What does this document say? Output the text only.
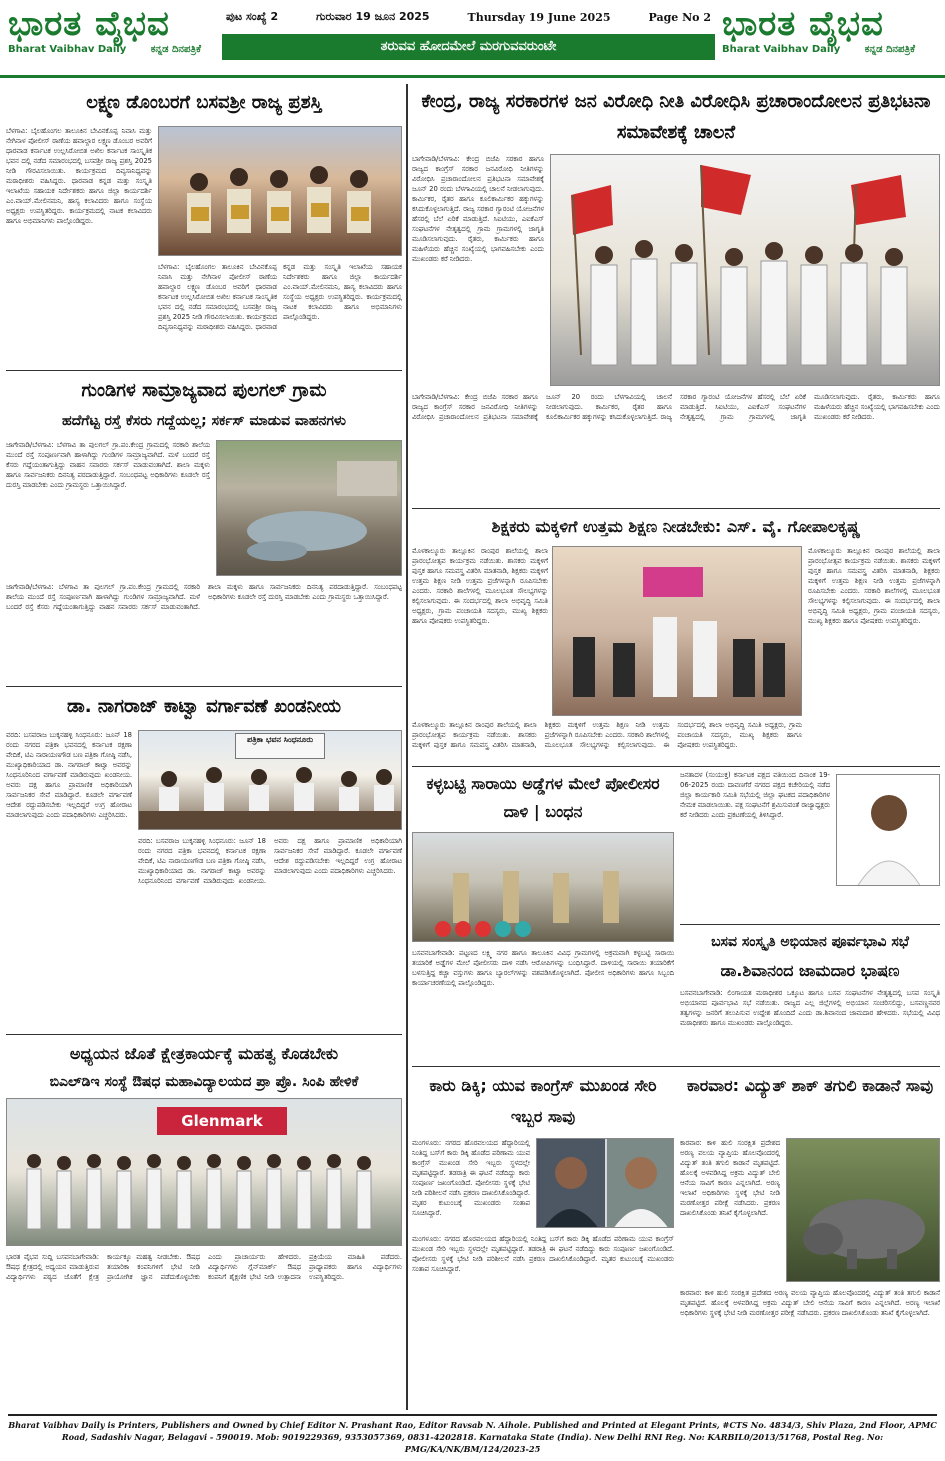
ಭಾರತ ವೈಭವ
Bharat Vaibhav Daily ಕನ್ನಡ ದಿನಪತ್ರಿಕೆ
ಪುಟ ಸಂಖ್ಯೆ 2	ಗುರುವಾರ 19 ಜೂನ 2025	Thursday 19 June 2025	Page No 2
ತರುವವ ಹೋದಮೇಲೆ ಮರಗುವವರುಂಟೇ
ಭಾರತ ವೈಭವ
Bharat Vaibhav Daily ಕನ್ನಡ ದಿನಪತ್ರಿಕೆ
ಲಕ್ಷ್ಮಣ ಡೊಂಬರಗೆ ಬಸವಶ್ರೀ ರಾಜ್ಯ ಪ್ರಶಸ್ತಿ
ಬೆಳಗಾವಿ: ಬೈಲಹೊಂಗಲ ತಾಲೂಕಿನ ಬೇವಿನಕೊಪ್ಪ ನಿವಾಸಿ ಮತ್ತು ನೇಗಿನಾಳ ಪೋಲೀಸ್ ಠಾಣೆಯ ಹವಾಲ್ದಾರ ಲಕ್ಷ್ಮಣ ಡೊಂಬರ ಅವರಿಗೆ ಧಾರವಾಡ ಕರ್ನಾಟಕ ಉಲ್ಲಸಿರೋಬಿತ ಅಖಿಲ ಕರ್ನಾಟಕ ಸಾಂಸ್ಕೃತಿಕ ಭವನ ದಲ್ಲಿ ನಡೆದ ಸಮಾರಂಭದಲ್ಲಿ ಬಸವಶ್ರೀ ರಾಜ್ಯ ಪ್ರಶಸ್ತಿ 2025 ನೀಡಿ ಗೌರವಿಸಲಾಯಿತು. ಕಾರ್ಯಕ್ರಮದ ದಿವ್ಯಸಾನಿಧ್ಯವನ್ನು ಮಠಾಧೀಶರು ವಹಿಸಿದ್ದರು. ಧಾರವಾಡ ಕನ್ನಡ ಮತ್ತು ಸಂಸ್ಕೃತಿ ಇಲಾಖೆಯ ಸಹಾಯಕ ನಿರ್ದೇಶಕರು ಹಾಗೂ ಜಿಲ್ಲಾ ಕಾರ್ಯದರ್ಶಿ ಎಂ.ವಾಯ್.ಮೇಲಿನಮನಿ, ಹಾಸ್ಯ ಕಲಾವಿದರು ಹಾಗೂ ಸಂಸ್ಥೆಯ ಅಧ್ಯಕ್ಷರು ಉಪಸ್ಥಿತರಿದ್ದರು. ಕಾರ್ಯಕ್ರಮದಲ್ಲಿ ನಾಟಕ ಕಲಾವಿದರು ಹಾಗೂ ಅಭಿಮಾನಿಗಳು ಪಾಲ್ಗೊಂಡಿದ್ದರು.
ಬೆಳಗಾವಿ: ಬೈಲಹೊಂಗಲ ತಾಲೂಕಿನ ಬೇವಿನಕೊಪ್ಪ ನಿವಾಸಿ ಮತ್ತು ನೇಗಿನಾಳ ಪೋಲೀಸ್ ಠಾಣೆಯ ಹವಾಲ್ದಾರ ಲಕ್ಷ್ಮಣ ಡೊಂಬರ ಅವರಿಗೆ ಧಾರವಾಡ ಕರ್ನಾಟಕ ಉಲ್ಲಸಿರೋಬಿತ ಅಖಿಲ ಕರ್ನಾಟಕ ಸಾಂಸ್ಕೃತಿಕ ಭವನ ದಲ್ಲಿ ನಡೆದ ಸಮಾರಂಭದಲ್ಲಿ ಬಸವಶ್ರೀ ರಾಜ್ಯ ಪ್ರಶಸ್ತಿ 2025 ನೀಡಿ ಗೌರವಿಸಲಾಯಿತು. ಕಾರ್ಯಕ್ರಮದ ದಿವ್ಯಸಾನಿಧ್ಯವನ್ನು ಮಠಾಧೀಶರು ವಹಿಸಿದ್ದರು. ಧಾರವಾಡ ಕನ್ನಡ ಮತ್ತು ಸಂಸ್ಕೃತಿ ಇಲಾಖೆಯ ಸಹಾಯಕ ನಿರ್ದೇಶಕರು ಹಾಗೂ ಜಿಲ್ಲಾ ಕಾರ್ಯದರ್ಶಿ ಎಂ.ವಾಯ್.ಮೇಲಿನಮನಿ, ಹಾಸ್ಯ ಕಲಾವಿದರು ಹಾಗೂ ಸಂಸ್ಥೆಯ ಅಧ್ಯಕ್ಷರು ಉಪಸ್ಥಿತರಿದ್ದರು. ಕಾರ್ಯಕ್ರಮದಲ್ಲಿ ನಾಟಕ ಕಲಾವಿದರು ಹಾಗೂ ಅಭಿಮಾನಿಗಳು ಪಾಲ್ಗೊಂಡಿದ್ದರು.
ಕೇಂದ್ರ, ರಾಜ್ಯ ಸರಕಾರಗಳ ಜನ ವಿರೋಧಿ ನೀತಿ ವಿರೋಧಿಸಿ ಪ್ರಚಾರಾಂದೋಲನ ಪ್ರತಿಭಟನಾ ಸಮಾವೇಶಕ್ಕೆ ಚಾಲನೆ
ಬಾಗೇವಾಡಿ/ಬೆಳಗಾವಿ: ಕೇಂದ್ರ ಬಿಜೆಪಿ ಸರಕಾರ ಹಾಗೂ ರಾಜ್ಯದ ಕಾಂಗ್ರೆಸ್ ಸರಕಾರ ಜನವಿರೋಧಿ ನೀತಿಗಳನ್ನು ವಿರೋಧಿಸಿ ಪ್ರಚಾರಾಂದೋಲನ ಪ್ರತಿಭಟನಾ ಸಮಾವೇಶಕ್ಕೆ ಜೂನ್ 20 ರಂದು ಬೆಳಗಾವಿಯಲ್ಲಿ ಚಾಲನೆ ನೀಡಲಾಗುವುದು. ಕಾರ್ಮಿಕರ, ರೈತರ ಹಾಗೂ ಕೂಲಿಕಾರ್ಮಿಕರ ಹಕ್ಕುಗಳನ್ನು ಕಸಿದುಕೊಳ್ಳಲಾಗುತ್ತಿದೆ. ರಾಜ್ಯ ಸರಕಾರ ಗ್ಯಾರಂಟಿ ಯೋಜನೆಗಳ ಹೆಸರಲ್ಲಿ ಬೆಲೆ ಏರಿಕೆ ಮಾಡುತ್ತಿದೆ. ಸಿಐಟಿಯು, ಎಐಕೆಎಸ್ ಸಂಘಟನೆಗಳ ನೇತೃತ್ವದಲ್ಲಿ ಗ್ರಾಮ ಗ್ರಾಮಗಳಲ್ಲಿ ಜಾಗೃತಿ ಮೂಡಿಸಲಾಗುವುದು. ರೈತರು, ಕಾರ್ಮಿಕರು ಹಾಗೂ ಮಹಿಳೆಯರು ಹೆಚ್ಚಿನ ಸಂಖ್ಯೆಯಲ್ಲಿ ಭಾಗವಹಿಸಬೇಕು ಎಂದು ಮುಖಂಡರು ಕರೆ ನೀಡಿದರು.
ಬಾಗೇವಾಡಿ/ಬೆಳಗಾವಿ: ಕೇಂದ್ರ ಬಿಜೆಪಿ ಸರಕಾರ ಹಾಗೂ ರಾಜ್ಯದ ಕಾಂಗ್ರೆಸ್ ಸರಕಾರ ಜನವಿರೋಧಿ ನೀತಿಗಳನ್ನು ವಿರೋಧಿಸಿ ಪ್ರಚಾರಾಂದೋಲನ ಪ್ರತಿಭಟನಾ ಸಮಾವೇಶಕ್ಕೆ ಜೂನ್ 20 ರಂದು ಬೆಳಗಾವಿಯಲ್ಲಿ ಚಾಲನೆ ನೀಡಲಾಗುವುದು. ಕಾರ್ಮಿಕರ, ರೈತರ ಹಾಗೂ ಕೂಲಿಕಾರ್ಮಿಕರ ಹಕ್ಕುಗಳನ್ನು ಕಸಿದುಕೊಳ್ಳಲಾಗುತ್ತಿದೆ. ರಾಜ್ಯ ಸರಕಾರ ಗ್ಯಾರಂಟಿ ಯೋಜನೆಗಳ ಹೆಸರಲ್ಲಿ ಬೆಲೆ ಏರಿಕೆ ಮಾಡುತ್ತಿದೆ. ಸಿಐಟಿಯು, ಎಐಕೆಎಸ್ ಸಂಘಟನೆಗಳ ನೇತೃತ್ವದಲ್ಲಿ ಗ್ರಾಮ ಗ್ರಾಮಗಳಲ್ಲಿ ಜಾಗೃತಿ ಮೂಡಿಸಲಾಗುವುದು. ರೈತರು, ಕಾರ್ಮಿಕರು ಹಾಗೂ ಮಹಿಳೆಯರು ಹೆಚ್ಚಿನ ಸಂಖ್ಯೆಯಲ್ಲಿ ಭಾಗವಹಿಸಬೇಕು ಎಂದು ಮುಖಂಡರು ಕರೆ ನೀಡಿದರು.
ಗುಂಡಿಗಳ ಸಾಮ್ರಾಜ್ಯವಾದ ಪುಲಗಲ್ ಗ್ರಾಮ
ಹದೆಗೆಟ್ಟ ರಸ್ತೆ ಕೆಸರು ಗದ್ದೆಯಲ್ಲ; ಸರ್ಕಸ್ ಮಾಡುವ ವಾಹನಗಳು
ಜಾಗೇವಾಡಿ/ಬೆಳಗಾವಿ: ಬೆಳಗಾವಿ ತಾ ಪುಲಗಲ್ ಗ್ರಾ.ಪಂ.ಕೇಂದ್ರ ಗ್ರಾಮದಲ್ಲಿ ಸರಕಾರಿ ಶಾಲೆಯ ಮುಂದೆ ರಸ್ತೆ ಸಂಪೂರ್ಣವಾಗಿ ಹಾಳಾಗಿದ್ದು ಗುಂಡಿಗಳ ಸಾಮ್ರಾಜ್ಯವಾಗಿದೆ. ಮಳೆ ಬಂದರೆ ರಸ್ತೆ ಕೆಸರು ಗದ್ದೆಯಂತಾಗುತ್ತಿದ್ದು ವಾಹನ ಸವಾರರು ಸರ್ಕಸ್ ಮಾಡುವಂತಾಗಿದೆ. ಶಾಲಾ ಮಕ್ಕಳು ಹಾಗೂ ಸಾರ್ವಜನಿಕರು ದಿನನಿತ್ಯ ಪರದಾಡುತ್ತಿದ್ದಾರೆ. ಸಂಬಂಧಪಟ್ಟ ಅಧಿಕಾರಿಗಳು ಕೂಡಲೇ ರಸ್ತೆ ದುರಸ್ತಿ ಮಾಡಬೇಕು ಎಂದು ಗ್ರಾಮಸ್ಥರು ಒತ್ತಾಯಿಸಿದ್ದಾರೆ.
ಜಾಗೇವಾಡಿ/ಬೆಳಗಾವಿ: ಬೆಳಗಾವಿ ತಾ ಪುಲಗಲ್ ಗ್ರಾ.ಪಂ.ಕೇಂದ್ರ ಗ್ರಾಮದಲ್ಲಿ ಸರಕಾರಿ ಶಾಲೆಯ ಮುಂದೆ ರಸ್ತೆ ಸಂಪೂರ್ಣವಾಗಿ ಹಾಳಾಗಿದ್ದು ಗುಂಡಿಗಳ ಸಾಮ್ರಾಜ್ಯವಾಗಿದೆ. ಮಳೆ ಬಂದರೆ ರಸ್ತೆ ಕೆಸರು ಗದ್ದೆಯಂತಾಗುತ್ತಿದ್ದು ವಾಹನ ಸವಾರರು ಸರ್ಕಸ್ ಮಾಡುವಂತಾಗಿದೆ. ಶಾಲಾ ಮಕ್ಕಳು ಹಾಗೂ ಸಾರ್ವಜನಿಕರು ದಿನನಿತ್ಯ ಪರದಾಡುತ್ತಿದ್ದಾರೆ. ಸಂಬಂಧಪಟ್ಟ ಅಧಿಕಾರಿಗಳು ಕೂಡಲೇ ರಸ್ತೆ ದುರಸ್ತಿ ಮಾಡಬೇಕು ಎಂದು ಗ್ರಾಮಸ್ಥರು ಒತ್ತಾಯಿಸಿದ್ದಾರೆ.
ಶಿಕ್ಷಕರು ಮಕ್ಕಳಿಗೆ ಉತ್ತಮ ಶಿಕ್ಷಣ ನೀಡಬೇಕು: ಎಸ್. ವೈ. ಗೋಪಾಲಕೃಷ್ಣ
ಮೊಳಕಾಲ್ಮೂರು ತಾಲ್ಲೂಕಿನ ರಾಂಪುರ ಶಾಲೆಯಲ್ಲಿ ಶಾಲಾ ಪ್ರಾರಂಭೋತ್ಸವ ಕಾರ್ಯಕ್ರಮ ನಡೆಯಿತು. ಶಾಸಕರು ಮಕ್ಕಳಿಗೆ ಪುಸ್ತಕ ಹಾಗೂ ಸಮವಸ್ತ್ರ ವಿತರಿಸಿ ಮಾತನಾಡಿ, ಶಿಕ್ಷಕರು ಮಕ್ಕಳಿಗೆ ಉತ್ತಮ ಶಿಕ್ಷಣ ನೀಡಿ ಉತ್ತಮ ಪ್ರಜೆಗಳನ್ನಾಗಿ ರೂಪಿಸಬೇಕು ಎಂದರು. ಸರಕಾರಿ ಶಾಲೆಗಳಲ್ಲಿ ಮೂಲಭೂತ ಸೌಲಭ್ಯಗಳನ್ನು ಕಲ್ಪಿಸಲಾಗುವುದು. ಈ ಸಂದರ್ಭದಲ್ಲಿ ಶಾಲಾ ಅಭಿವೃದ್ಧಿ ಸಮಿತಿ ಅಧ್ಯಕ್ಷರು, ಗ್ರಾಮ ಪಂಚಾಯತಿ ಸದಸ್ಯರು, ಮುಖ್ಯ ಶಿಕ್ಷಕರು ಹಾಗೂ ಪೋಷಕರು ಉಪಸ್ಥಿತರಿದ್ದರು.
ಮೊಳಕಾಲ್ಮೂರು ತಾಲ್ಲೂಕಿನ ರಾಂಪುರ ಶಾಲೆಯಲ್ಲಿ ಶಾಲಾ ಪ್ರಾರಂಭೋತ್ಸವ ಕಾರ್ಯಕ್ರಮ ನಡೆಯಿತು. ಶಾಸಕರು ಮಕ್ಕಳಿಗೆ ಪುಸ್ತಕ ಹಾಗೂ ಸಮವಸ್ತ್ರ ವಿತರಿಸಿ ಮಾತನಾಡಿ, ಶಿಕ್ಷಕರು ಮಕ್ಕಳಿಗೆ ಉತ್ತಮ ಶಿಕ್ಷಣ ನೀಡಿ ಉತ್ತಮ ಪ್ರಜೆಗಳನ್ನಾಗಿ ರೂಪಿಸಬೇಕು ಎಂದರು. ಸರಕಾರಿ ಶಾಲೆಗಳಲ್ಲಿ ಮೂಲಭೂತ ಸೌಲಭ್ಯಗಳನ್ನು ಕಲ್ಪಿಸಲಾಗುವುದು. ಈ ಸಂದರ್ಭದಲ್ಲಿ ಶಾಲಾ ಅಭಿವೃದ್ಧಿ ಸಮಿತಿ ಅಧ್ಯಕ್ಷರು, ಗ್ರಾಮ ಪಂಚಾಯತಿ ಸದಸ್ಯರು, ಮುಖ್ಯ ಶಿಕ್ಷಕರು ಹಾಗೂ ಪೋಷಕರು ಉಪಸ್ಥಿತರಿದ್ದರು.
ಮೊಳಕಾಲ್ಮೂರು ತಾಲ್ಲೂಕಿನ ರಾಂಪುರ ಶಾಲೆಯಲ್ಲಿ ಶಾಲಾ ಪ್ರಾರಂಭೋತ್ಸವ ಕಾರ್ಯಕ್ರಮ ನಡೆಯಿತು. ಶಾಸಕರು ಮಕ್ಕಳಿಗೆ ಪುಸ್ತಕ ಹಾಗೂ ಸಮವಸ್ತ್ರ ವಿತರಿಸಿ ಮಾತನಾಡಿ, ಶಿಕ್ಷಕರು ಮಕ್ಕಳಿಗೆ ಉತ್ತಮ ಶಿಕ್ಷಣ ನೀಡಿ ಉತ್ತಮ ಪ್ರಜೆಗಳನ್ನಾಗಿ ರೂಪಿಸಬೇಕು ಎಂದರು. ಸರಕಾರಿ ಶಾಲೆಗಳಲ್ಲಿ ಮೂಲಭೂತ ಸೌಲಭ್ಯಗಳನ್ನು ಕಲ್ಪಿಸಲಾಗುವುದು. ಈ ಸಂದರ್ಭದಲ್ಲಿ ಶಾಲಾ ಅಭಿವೃದ್ಧಿ ಸಮಿತಿ ಅಧ್ಯಕ್ಷರು, ಗ್ರಾಮ ಪಂಚಾಯತಿ ಸದಸ್ಯರು, ಮುಖ್ಯ ಶಿಕ್ಷಕರು ಹಾಗೂ ಪೋಷಕರು ಉಪಸ್ಥಿತರಿದ್ದರು.
ಡಾ. ನಾಗರಾಜ್ ಕಾಟ್ವಾ ವರ್ಗಾವಣೆ ಖಂಡನೀಯ
ವರದಿ: ಬಸವರಾಜ ಬುಕ್ಕನಹಳ್ಳಿ ಸಿಂಧನೂರು: ಜೂನ್ 18 ರಂದು ನಗರದ ಪತ್ರಿಕಾ ಭವನದಲ್ಲಿ ಕರ್ನಾಟಕ ರಕ್ಷಣಾ ವೇದಿಕೆ, ಟಿಎ ನಾರಾಯಣಗೌಡ ಬಣ ಪತ್ರಿಕಾ ಗೋಷ್ಠಿ ನಡೆಸಿ, ಮುಖ್ಯಾಧಿಕಾರಿಯಾದ ಡಾ. ನಾಗರಾಜ್ ಕಾಟ್ವಾ ಅವರನ್ನು ಸಿಂಧನೂರಿನಿಂದ ವರ್ಗಾವಣೆ ಮಾಡಿರುವುದು ಖಂಡನೀಯ. ಅವರು ದಕ್ಷ ಹಾಗೂ ಪ್ರಾಮಾಣಿಕ ಅಧಿಕಾರಿಯಾಗಿ ಸಾರ್ವಜನಿಕರ ಸೇವೆ ಮಾಡಿದ್ದಾರೆ. ಕೂಡಲೇ ವರ್ಗಾವಣೆ ಆದೇಶ ರದ್ದುಪಡಿಸಬೇಕು ಇಲ್ಲದಿದ್ದರೆ ಉಗ್ರ ಹೋರಾಟ ಮಾಡಲಾಗುವುದು ಎಂದು ಪದಾಧಿಕಾರಿಗಳು ಎಚ್ಚರಿಸಿದರು.
ಪತ್ರಿಕಾ ಭವನ ಸಿಂಧನೂರು
ವರದಿ: ಬಸವರಾಜ ಬುಕ್ಕನಹಳ್ಳಿ ಸಿಂಧನೂರು: ಜೂನ್ 18 ರಂದು ನಗರದ ಪತ್ರಿಕಾ ಭವನದಲ್ಲಿ ಕರ್ನಾಟಕ ರಕ್ಷಣಾ ವೇದಿಕೆ, ಟಿಎ ನಾರಾಯಣಗೌಡ ಬಣ ಪತ್ರಿಕಾ ಗೋಷ್ಠಿ ನಡೆಸಿ, ಮುಖ್ಯಾಧಿಕಾರಿಯಾದ ಡಾ. ನಾಗರಾಜ್ ಕಾಟ್ವಾ ಅವರನ್ನು ಸಿಂಧನೂರಿನಿಂದ ವರ್ಗಾವಣೆ ಮಾಡಿರುವುದು ಖಂಡನೀಯ. ಅವರು ದಕ್ಷ ಹಾಗೂ ಪ್ರಾಮಾಣಿಕ ಅಧಿಕಾರಿಯಾಗಿ ಸಾರ್ವಜನಿಕರ ಸೇವೆ ಮಾಡಿದ್ದಾರೆ. ಕೂಡಲೇ ವರ್ಗಾವಣೆ ಆದೇಶ ರದ್ದುಪಡಿಸಬೇಕು ಇಲ್ಲದಿದ್ದರೆ ಉಗ್ರ ಹೋರಾಟ ಮಾಡಲಾಗುವುದು ಎಂದು ಪದಾಧಿಕಾರಿಗಳು ಎಚ್ಚರಿಸಿದರು.
ಕಳ್ಳಬಟ್ಟಿ ಸಾರಾಯಿ ಅಡ್ಡೆಗಳ ಮೇಲೆ ಪೋಲೀಸರ ದಾಳಿ | ಬಂಧನ
ಬಸವನಬಾಗೇವಾಡಿ: ಪಟ್ಟಣದ ಲಕ್ಷ್ಮಿ ನಗರ ಹಾಗೂ ತಾಲೂಕಿನ ವಿವಿಧ ಗ್ರಾಮಗಳಲ್ಲಿ ಅಕ್ರಮವಾಗಿ ಕಳ್ಳಬಟ್ಟಿ ಸಾರಾಯಿ ತಯಾರಿಕೆ ಅಡ್ಡೆಗಳ ಮೇಲೆ ಪೋಲೀಸರು ದಾಳಿ ನಡೆಸಿ ಆರೋಪಿಗಳನ್ನು ಬಂಧಿಸಿದ್ದಾರೆ. ದಾಳಿಯಲ್ಲಿ ಸಾರಾಯಿ ತಯಾರಿಕೆಗೆ ಬಳಸುತ್ತಿದ್ದ ಕಚ್ಚಾ ವಸ್ತುಗಳು ಹಾಗೂ ಬ್ಯಾರಲ್‌ಗಳನ್ನು ವಶಪಡಿಸಿಕೊಳ್ಳಲಾಗಿದೆ. ಪೋಲೀಸ ಅಧಿಕಾರಿಗಳು ಹಾಗೂ ಸಿಬ್ಬಂದಿ ಕಾರ್ಯಾಚರಣೆಯಲ್ಲಿ ಪಾಲ್ಗೊಂಡಿದ್ದರು.
ಜನತಾದಳ (ಸಂಯುಕ್ತ) ಕರ್ನಾಟಕ ಪಕ್ಷದ ವತಿಯಿಂದ ದಿನಾಂಕ 19-06-2025 ರಂದು ದಾವಣಗೆರೆ ನಗರದ ಪಕ್ಷದ ಕಚೇರಿಯಲ್ಲಿ ನಡೆದ ಜಿಲ್ಲಾ ಕಾರ್ಯಕಾರಿ ಸಮಿತಿ ಸಭೆಯಲ್ಲಿ ಜಿಲ್ಲಾ ಘಟಕದ ಪದಾಧಿಕಾರಿಗಳ ನೇಮಕ ಮಾಡಲಾಯಿತು. ಪಕ್ಷ ಸಂಘಟನೆಗೆ ಶ್ರಮಿಸುವಂತೆ ರಾಜ್ಯಾಧ್ಯಕ್ಷರು ಕರೆ ನೀಡಿದರು ಎಂದು ಪ್ರಕಟಣೆಯಲ್ಲಿ ತಿಳಿಸಿದ್ದಾರೆ.
ಬಸವ ಸಂಸ್ಕೃತಿ ಅಭಿಯಾನ ಪೂರ್ವಭಾವಿ ಸಭೆ
ಡಾ.ಶಿವಾನಂದ ಜಾಮದಾರ ಭಾಷಣ
ಬಸವನಬಾಗೇವಾಡಿ: ಲಿಂಗಾಯತ ಮಠಾಧೀಶರ ಒಕ್ಕೂಟ ಹಾಗೂ ಬಸವ ಸಂಘಟನೆಗಳ ನೇತೃತ್ವದಲ್ಲಿ ಬಸವ ಸಂಸ್ಕೃತಿ ಅಭಿಯಾನದ ಪೂರ್ವಭಾವಿ ಸಭೆ ನಡೆಯಿತು. ರಾಜ್ಯದ ಎಲ್ಲ ಜಿಲ್ಲೆಗಳಲ್ಲಿ ಅಭಿಯಾನ ಸಂಚರಿಸಲಿದ್ದು, ಬಸವಣ್ಣನವರ ತತ್ವಗಳನ್ನು ಜನರಿಗೆ ತಲುಪಿಸುವ ಉದ್ದೇಶ ಹೊಂದಿದೆ ಎಂದು ಡಾ.ಶಿವಾನಂದ ಜಾಮದಾರ ಹೇಳಿದರು. ಸಭೆಯಲ್ಲಿ ವಿವಿಧ ಮಠಾಧೀಶರು ಹಾಗೂ ಮುಖಂಡರು ಪಾಲ್ಗೊಂಡಿದ್ದರು.
ಅಧ್ಯಯನ ಜೊತೆ ಕ್ಷೇತ್ರಕಾರ್ಯಕ್ಕೆ ಮಹತ್ವ ಕೊಡಬೇಕು
ಬಿಎಲ್‌ಡಿಇ ಸಂಸ್ಥೆ ಔಷಧ ಮಹಾವಿದ್ಯಾಲಯದ ಪ್ರಾ ಪ್ರೊ. ಸಿಂಪಿ ಹೇಳಿಕೆ
Glenmark
ಭಾರತ ವೈಭವ ಸುದ್ದಿ ಬಸವನಬಾಗೇವಾಡಿ: ಔಷಧ ಕ್ಷೇತ್ರದಲ್ಲಿ ಅಧ್ಯಯನ ಮಾಡುತ್ತಿರುವ ವಿದ್ಯಾರ್ಥಿಗಳು ಪಠ್ಯದ ಜೊತೆಗೆ ಕ್ಷೇತ್ರ ಕಾರ್ಯಕ್ಕೂ ಮಹತ್ವ ನೀಡಬೇಕು. ಔಷಧ ತಯಾರಿಕಾ ಕಂಪನಿಗಳಿಗೆ ಭೇಟಿ ನೀಡಿ ಪ್ರಾಯೋಗಿಕ ಜ್ಞಾನ ಪಡೆದುಕೊಳ್ಳಬೇಕು ಎಂದು ಪ್ರಾಚಾರ್ಯರು ಹೇಳಿದರು. ವಿದ್ಯಾರ್ಥಿಗಳು ಗ್ಲೆನ್‌ಮಾರ್ಕ್ ಔಷಧ ಕಂಪನಿಗೆ ಶೈಕ್ಷಣಿಕ ಭೇಟಿ ನೀಡಿ ಉತ್ಪಾದನಾ ಪ್ರಕ್ರಿಯೆಯ ಮಾಹಿತಿ ಪಡೆದರು. ಪ್ರಾಧ್ಯಾಪಕರು ಹಾಗೂ ವಿದ್ಯಾರ್ಥಿಗಳು ಉಪಸ್ಥಿತರಿದ್ದರು.
ಕಾರು ಡಿಕ್ಕಿ; ಯುವ ಕಾಂಗ್ರೆಸ್ ಮುಖಂಡ ಸೇರಿ ಇಬ್ಬರ ಸಾವು
ಮಂಗಳೂರು: ನಗರದ ಹೊರವಲಯದ ಹೆದ್ದಾರಿಯಲ್ಲಿ ನಿಂತಿದ್ದ ಬಸ್‌ಗೆ ಕಾರು ಡಿಕ್ಕಿ ಹೊಡೆದ ಪರಿಣಾಮ ಯುವ ಕಾಂಗ್ರೆಸ್ ಮುಖಂಡ ಸೇರಿ ಇಬ್ಬರು ಸ್ಥಳದಲ್ಲೇ ಮೃತಪಟ್ಟಿದ್ದಾರೆ. ತಡರಾತ್ರಿ ಈ ಘಟನೆ ನಡೆದಿದ್ದು ಕಾರು ಸಂಪೂರ್ಣ ಜಖಂಗೊಂಡಿದೆ. ಪೋಲೀಸರು ಸ್ಥಳಕ್ಕೆ ಭೇಟಿ ನೀಡಿ ಪರಿಶೀಲನೆ ನಡೆಸಿ ಪ್ರಕರಣ ದಾಖಲಿಸಿಕೊಂಡಿದ್ದಾರೆ. ಮೃತರ ಕುಟುಂಬಕ್ಕೆ ಮುಖಂಡರು ಸಂತಾಪ ಸೂಚಿಸಿದ್ದಾರೆ.
ಮಂಗಳೂರು: ನಗರದ ಹೊರವಲಯದ ಹೆದ್ದಾರಿಯಲ್ಲಿ ನಿಂತಿದ್ದ ಬಸ್‌ಗೆ ಕಾರು ಡಿಕ್ಕಿ ಹೊಡೆದ ಪರಿಣಾಮ ಯುವ ಕಾಂಗ್ರೆಸ್ ಮುಖಂಡ ಸೇರಿ ಇಬ್ಬರು ಸ್ಥಳದಲ್ಲೇ ಮೃತಪಟ್ಟಿದ್ದಾರೆ. ತಡರಾತ್ರಿ ಈ ಘಟನೆ ನಡೆದಿದ್ದು ಕಾರು ಸಂಪೂರ್ಣ ಜಖಂಗೊಂಡಿದೆ. ಪೋಲೀಸರು ಸ್ಥಳಕ್ಕೆ ಭೇಟಿ ನೀಡಿ ಪರಿಶೀಲನೆ ನಡೆಸಿ ಪ್ರಕರಣ ದಾಖಲಿಸಿಕೊಂಡಿದ್ದಾರೆ. ಮೃತರ ಕುಟುಂಬಕ್ಕೆ ಮುಖಂಡರು ಸಂತಾಪ ಸೂಚಿಸಿದ್ದಾರೆ.
ಕಾರವಾರ: ವಿದ್ಯುತ್ ಶಾಕ್ ತಗುಲಿ ಕಾಡಾನೆ ಸಾವು
ಕಾರವಾರ: ಕಾಳಿ ಹುಲಿ ಸಂರಕ್ಷಿತ ಪ್ರದೇಶದ ಅರಣ್ಯ ವಲಯ ವ್ಯಾಪ್ತಿಯ ಹೊಲವೊಂದರಲ್ಲಿ ವಿದ್ಯುತ್ ತಂತಿ ತಗುಲಿ ಕಾಡಾನೆ ಮೃತಪಟ್ಟಿದೆ. ಹೊಲಕ್ಕೆ ಅಳವಡಿಸಿದ್ದ ಅಕ್ರಮ ವಿದ್ಯುತ್ ಬೇಲಿ ಆನೆಯ ಸಾವಿಗೆ ಕಾರಣ ಎನ್ನಲಾಗಿದೆ. ಅರಣ್ಯ ಇಲಾಖೆ ಅಧಿಕಾರಿಗಳು ಸ್ಥಳಕ್ಕೆ ಭೇಟಿ ನೀಡಿ ಮರಣೋತ್ತರ ಪರೀಕ್ಷೆ ನಡೆಸಿದರು. ಪ್ರಕರಣ ದಾಖಲಿಸಿಕೊಂಡು ತನಿಖೆ ಕೈಗೊಳ್ಳಲಾಗಿದೆ.
ಕಾರವಾರ: ಕಾಳಿ ಹುಲಿ ಸಂರಕ್ಷಿತ ಪ್ರದೇಶದ ಅರಣ್ಯ ವಲಯ ವ್ಯಾಪ್ತಿಯ ಹೊಲವೊಂದರಲ್ಲಿ ವಿದ್ಯುತ್ ತಂತಿ ತಗುಲಿ ಕಾಡಾನೆ ಮೃತಪಟ್ಟಿದೆ. ಹೊಲಕ್ಕೆ ಅಳವಡಿಸಿದ್ದ ಅಕ್ರಮ ವಿದ್ಯುತ್ ಬೇಲಿ ಆನೆಯ ಸಾವಿಗೆ ಕಾರಣ ಎನ್ನಲಾಗಿದೆ. ಅರಣ್ಯ ಇಲಾಖೆ ಅಧಿಕಾರಿಗಳು ಸ್ಥಳಕ್ಕೆ ಭೇಟಿ ನೀಡಿ ಮರಣೋತ್ತರ ಪರೀಕ್ಷೆ ನಡೆಸಿದರು. ಪ್ರಕರಣ ದಾಖಲಿಸಿಕೊಂಡು ತನಿಖೆ ಕೈಗೊಳ್ಳಲಾಗಿದೆ.
Bharat Vaibhav Daily is Printers, Publishers and Owned by Chief Editor N. Prashant Rao, Editor Ravsab N. Aihole. Published and Printed at Elegant Prints, #CTS No. 4834/3, Shiv Plaza, 2nd Floor, APMC Road, Sadashiv Nagar, Belagavi - 590019. Mob: 9019229369, 9353057369, 0831-4202818. Karnataka State (India). New Delhi RNI Reg. No: KARBIL0/2013/51768, Postal Reg. No: PMG/KA/NK/BM/124/2023-25
